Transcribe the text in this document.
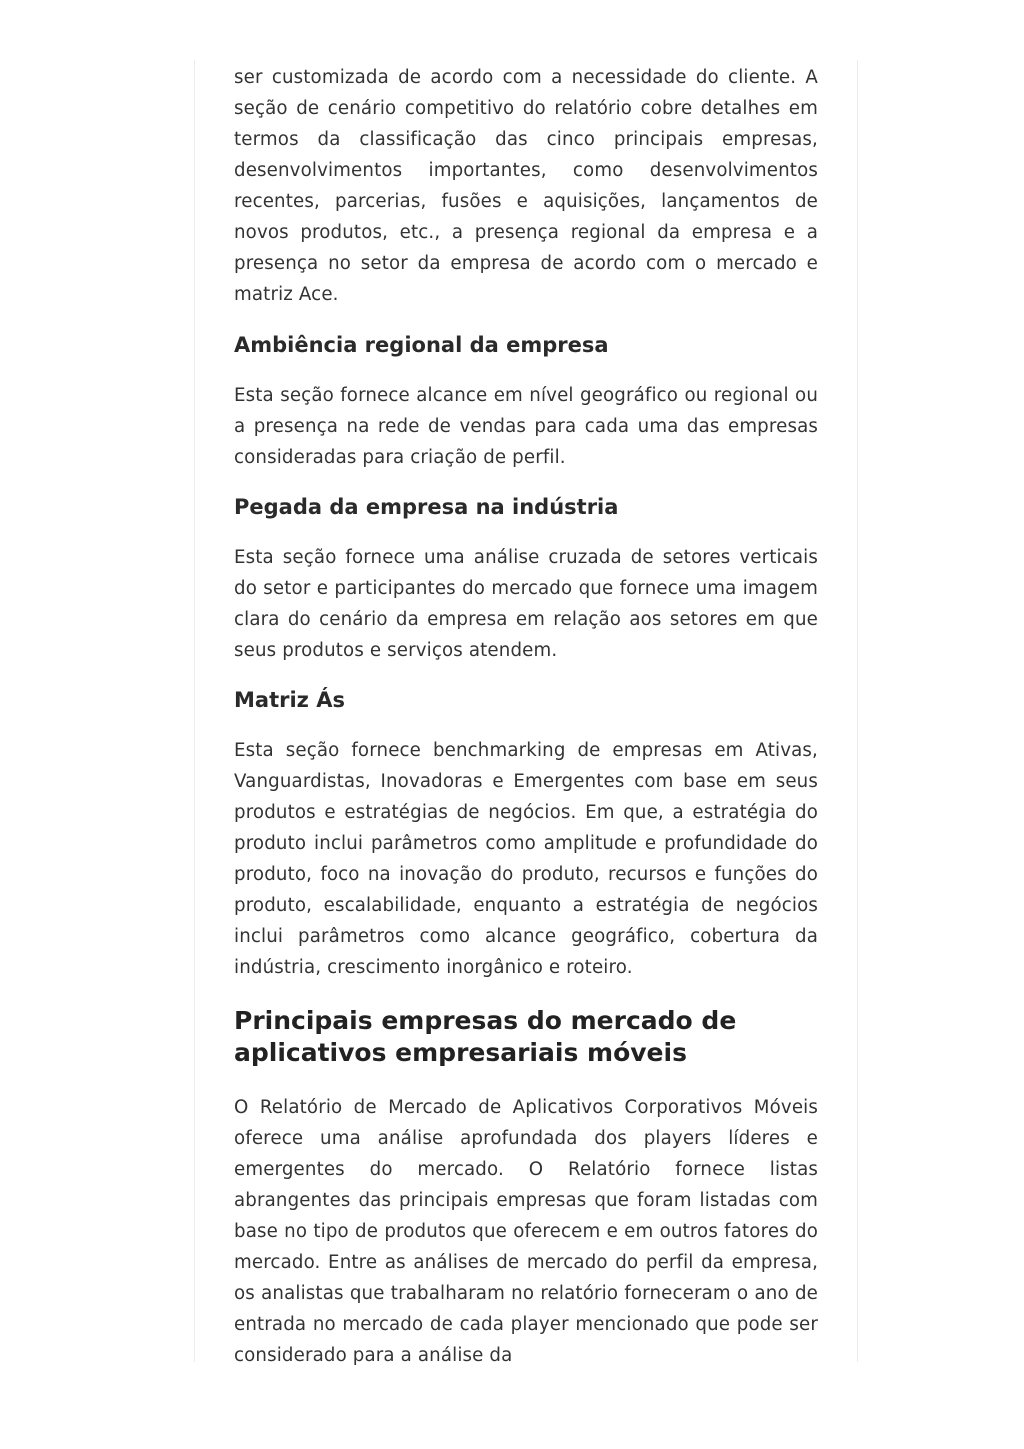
ser customizada de acordo com a necessidade do cliente. A seção de cenário competitivo do relatório cobre detalhes em termos da classificação das cinco principais empresas, desenvolvimentos importantes, como desenvolvimentos recentes, parcerias, fusões e aquisições, lançamentos de novos produtos, etc., a presença regional da empresa e a presença no setor da empresa de acordo com o mercado e matriz Ace.

Ambiência regional da empresa

Esta seção fornece alcance em nível geográfico ou regional ou a presença na rede de vendas para cada uma das empresas consideradas para criação de perfil.

Pegada da empresa na indústria

Esta seção fornece uma análise cruzada de setores verticais do setor e participantes do mercado que fornece uma imagem clara do cenário da empresa em relação aos setores em que seus produtos e serviços atendem.

Matriz Ás

Esta seção fornece benchmarking de empresas em Ativas, Vanguardistas, Inovadoras e Emergentes com base em seus produtos e estratégias de negócios. Em que, a estratégia do produto inclui parâmetros como amplitude e profundidade do produto, foco na inovação do produto, recursos e funções do produto, escalabilidade, enquanto a estratégia de negócios inclui parâmetros como alcance geográfico, cobertura da indústria, crescimento inorgânico e roteiro.

Principais empresas do mercado de aplicativos empresariais móveis

O Relatório de Mercado de Aplicativos Corporativos Móveis oferece uma análise aprofundada dos players líderes e emergentes do mercado. O Relatório fornece listas abrangentes das principais empresas que foram listadas com base no tipo de produtos que oferecem e em outros fatores do mercado. Entre as análises de mercado do perfil da empresa, os analistas que trabalharam no relatório forneceram o ano de entrada no mercado de cada player mencionado que pode ser considerado para a análise da
